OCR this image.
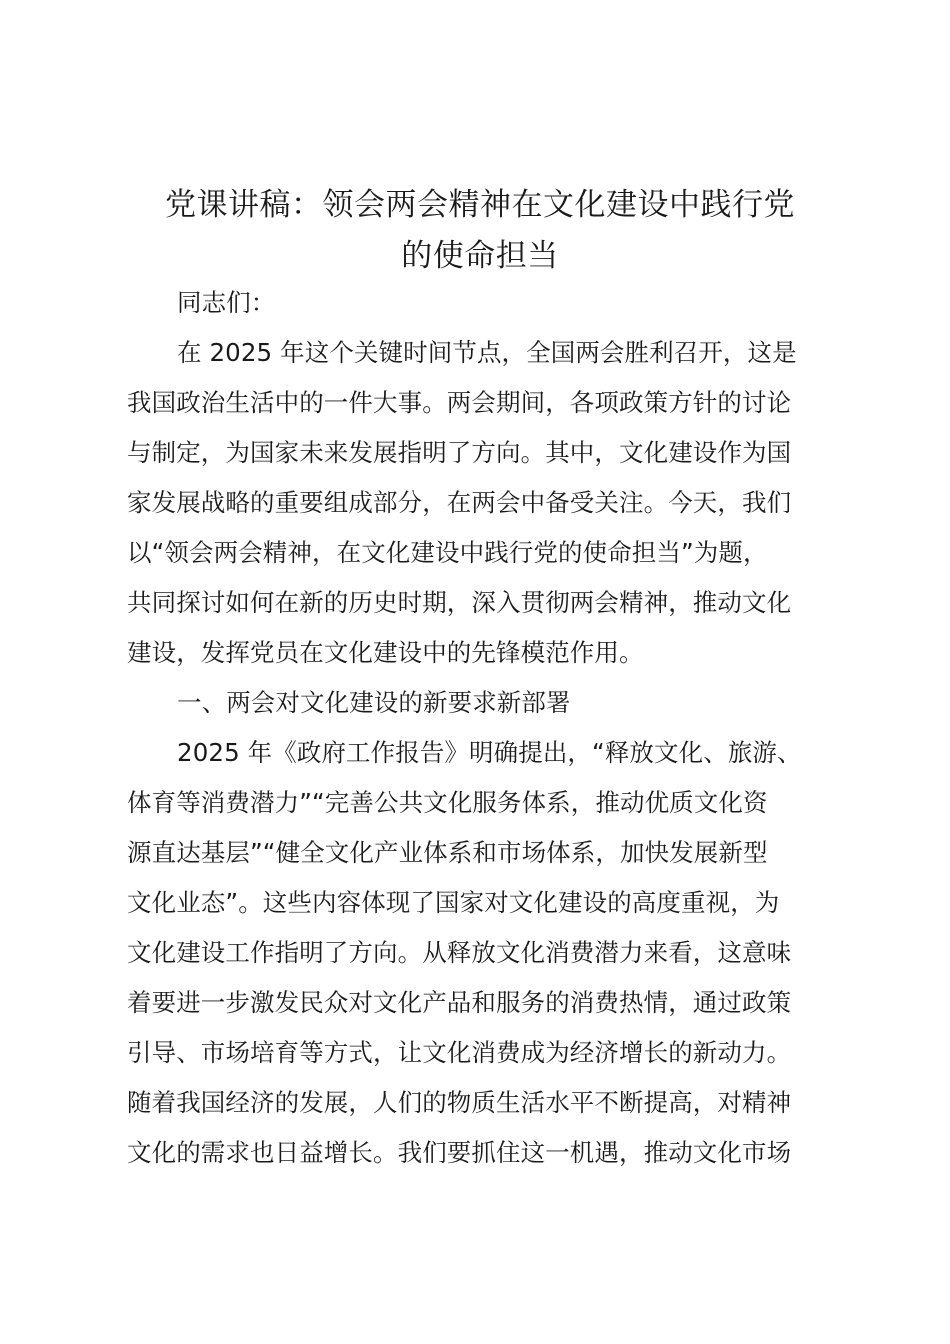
党课讲稿：领会两会精神在文化建设中践行党
的使命担当
同志们：
在 2025 年这个关键时间节点，全国两会胜利召开，这是
我国政治生活中的一件大事。两会期间，各项政策方针的讨论
与制定，为国家未来发展指明了方向。其中，文化建设作为国
家发展战略的重要组成部分，在两会中备受关注。今天，我们
以“领会两会精神，在文化建设中践行党的使命担当”为题，
共同探讨如何在新的历史时期，深入贯彻两会精神，推动文化
建设，发挥党员在文化建设中的先锋模范作用。
一、两会对文化建设的新要求新部署
2025 年《政府工作报告》明确提出，“释放文化、旅游、
体育等消费潜力”“完善公共文化服务体系，推动优质文化资
源直达基层”“健全文化产业体系和市场体系，加快发展新型
文化业态”。这些内容体现了国家对文化建设的高度重视，为
文化建设工作指明了方向。从释放文化消费潜力来看，这意味
着要进一步激发民众对文化产品和服务的消费热情，通过政策
引导、市场培育等方式，让文化消费成为经济增长的新动力。
随着我国经济的发展，人们的物质生活水平不断提高，对精神
文化的需求也日益增长。我们要抓住这一机遇，推动文化市场
